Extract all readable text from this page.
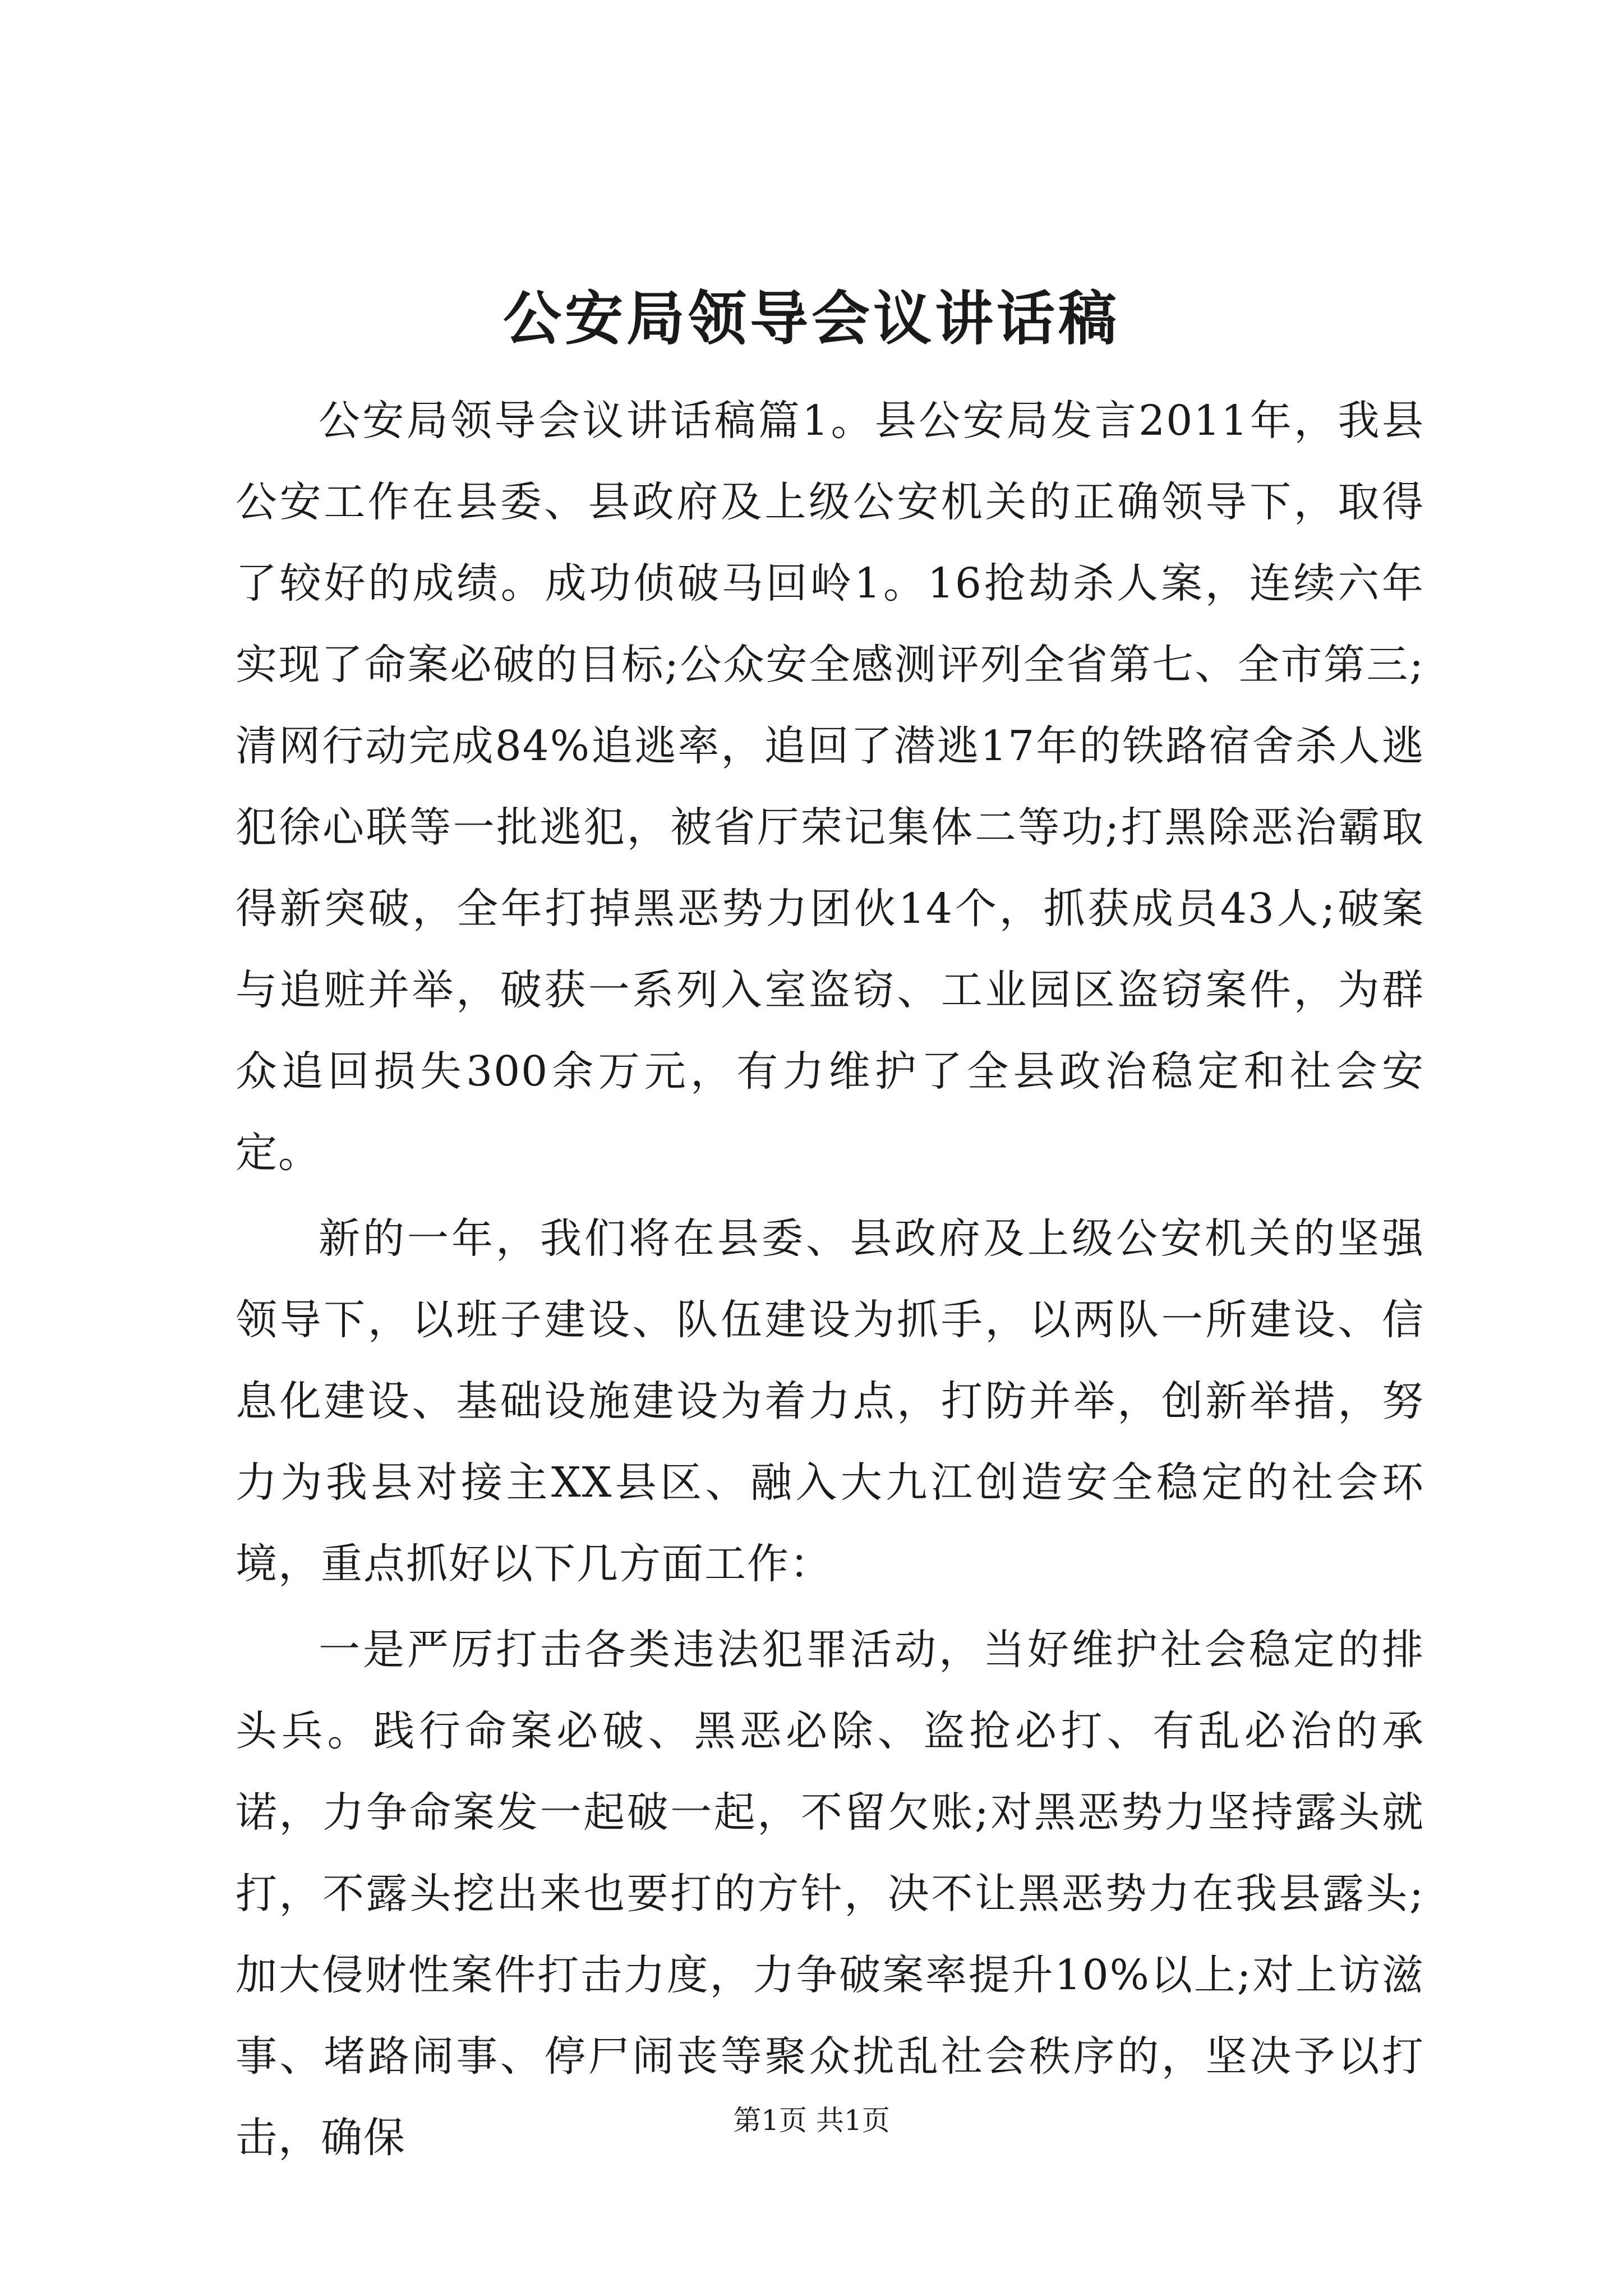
公安局领导会议讲话稿

公安局领导会议讲话稿篇1。县公安局发言2011年，我县公安工作在县委、县政府及上级公安机关的正确领导下，取得了较好的成绩。成功侦破马回岭1。16抢劫杀人案，连续六年实现了命案必破的目标;公众安全感测评列全省第七、全市第三;清网行动完成84%追逃率，追回了潜逃17年的铁路宿舍杀人逃犯徐心联等一批逃犯，被省厅荣记集体二等功;打黑除恶治霸取得新突破，全年打掉黑恶势力团伙14个，抓获成员43人;破案与追赃并举，破获一系列入室盗窃、工业园区盗窃案件，为群众追回损失300余万元，有力维护了全县政治稳定和社会安定。

新的一年，我们将在县委、县政府及上级公安机关的坚强领导下，以班子建设、队伍建设为抓手，以两队一所建设、信息化建设、基础设施建设为着力点，打防并举，创新举措，努力为我县对接主XX县区、融入大九江创造安全稳定的社会环境，重点抓好以下几方面工作：

一是严厉打击各类违法犯罪活动，当好维护社会稳定的排头兵。践行命案必破、黑恶必除、盗抢必打、有乱必治的承诺，力争命案发一起破一起，不留欠账;对黑恶势力坚持露头就打，不露头挖出来也要打的方针，决不让黑恶势力在我县露头;加大侵财性案件打击力度，力争破案率提升10%以上;对上访滋事、堵路闹事、停尸闹丧等聚众扰乱社会秩序的，坚决予以打击，确保	第1页 共1页
